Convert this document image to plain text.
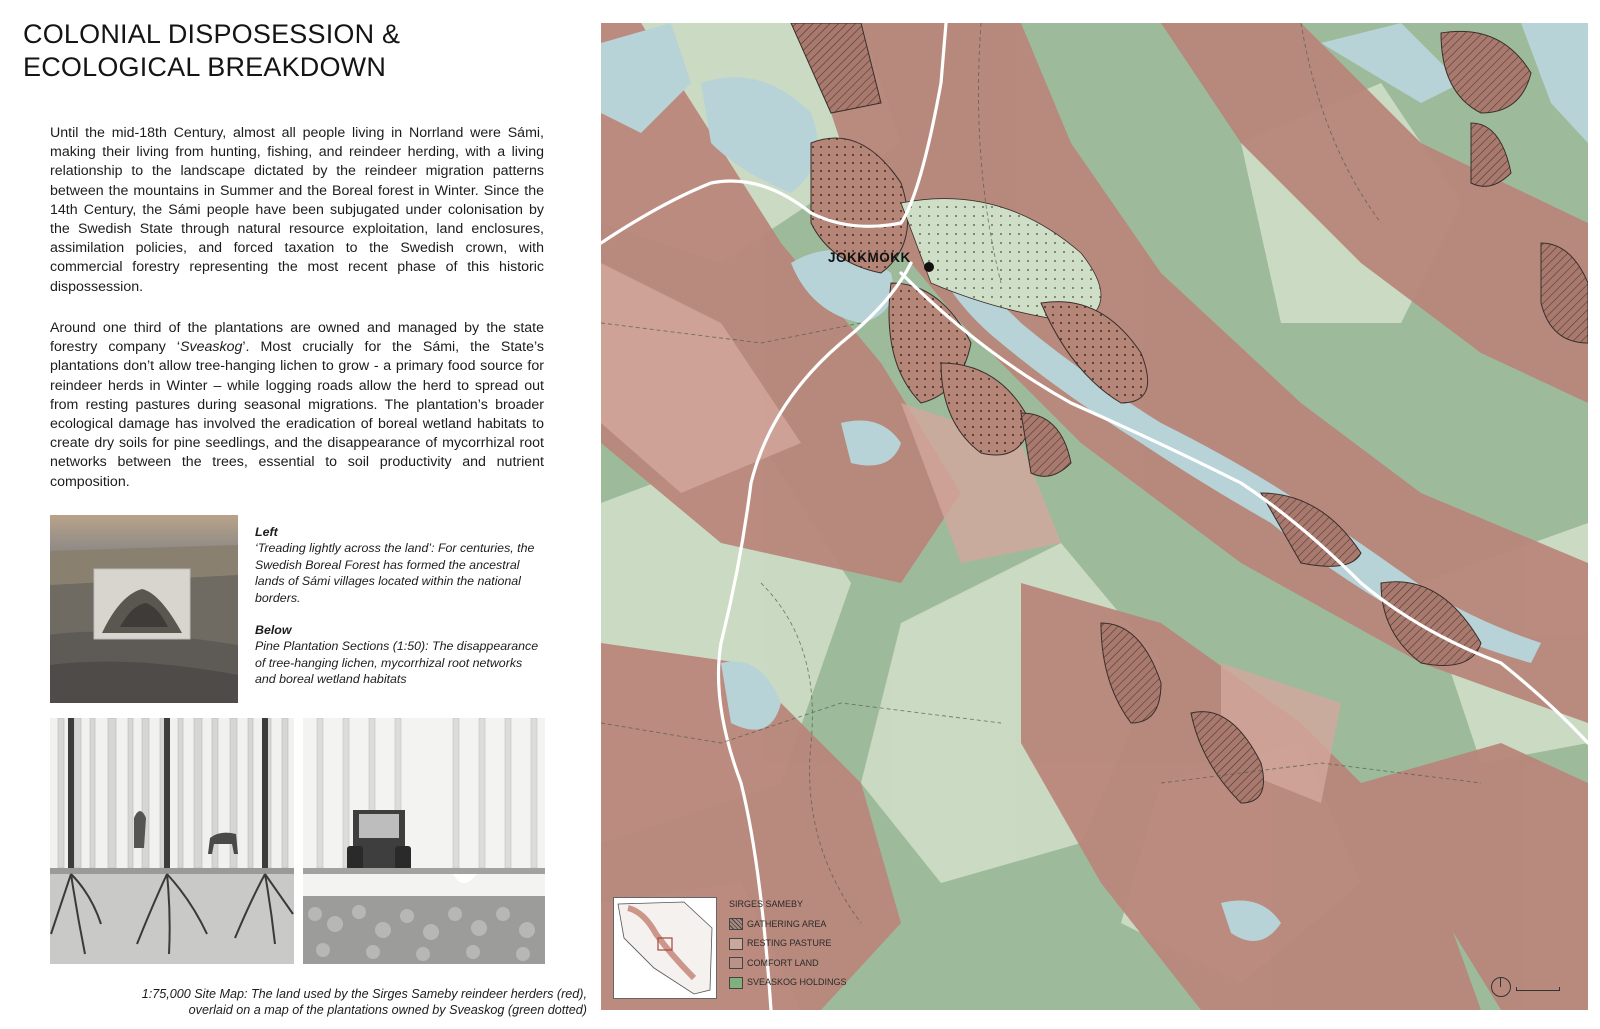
COLONIAL DISPOSESSION & ECOLOGICAL BREAKDOWN
Until the mid-18th Century, almost all people living in Norrland were Sámi, making their living from hunting, fishing, and reindeer herding, with a living relationship to the landscape dictated by the reindeer migration patterns between the mountains in Summer and the Boreal forest in Winter. Since the 14th Century, the Sámi people have been subjugated under colonisation by the Swedish State through natural resource exploitation, land enclosures, assimilation policies, and forced taxation to the Swedish crown, with commercial forestry representing the most recent phase of this historic dispossession.
Around one third of the plantations are owned and managed by the state forestry company ‘Sveaskog’. Most crucially for the Sámi, the State’s plantations don’t allow tree-hanging lichen to grow - a primary food source for reindeer herds in Winter – while logging roads allow the herd to spread out from resting pastures during seasonal migrations. The plantation’s broader ecological damage has involved the eradication of boreal wetland habitats to create dry soils for pine seedlings, and the disappearance of mycorrhizal root networks between the trees, essential to soil productivity and nutrient composition.
Left
‘Treading lightly across the land’: For centuries, the Swedish Boreal Forest has formed the ancestral lands of Sámi villages located within the national borders.
Below
Pine Plantation Sections (1:50): The disappearance of tree-hanging lichen, mycorrhizal root networks and boreal wetland habitats
1:75,000 Site Map: The land used by the Sirges Sameby reindeer herders (red),
overlaid on a map of the plantations owned by Sveaskog (green dotted)
JOKKMOKK
SIRGES SAMEBY
GATHERING AREA
RESTING PASTURE
COMFORT LAND
SVEASKOG HOLDINGS
